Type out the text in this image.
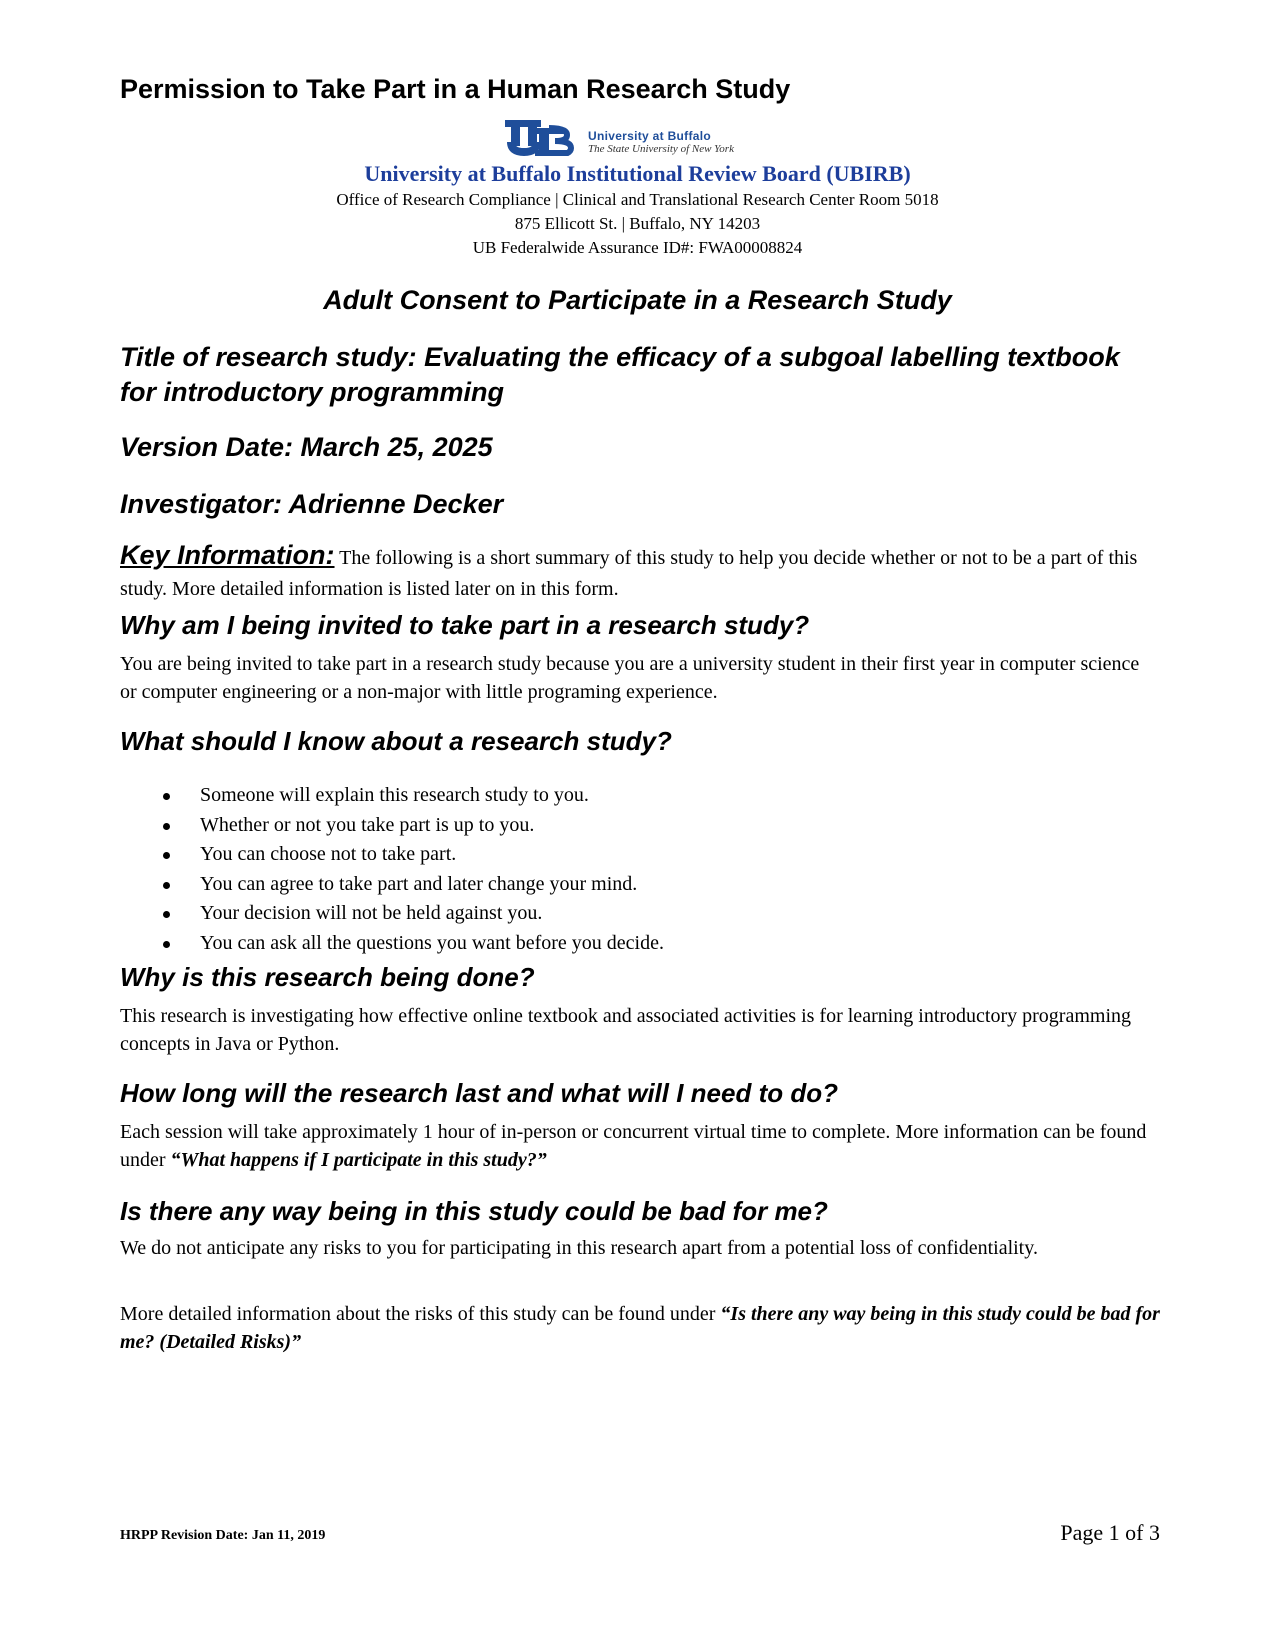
Permission to Take Part in a Human Research Study
University at Buffalo
The State University of New York

University at Buffalo Institutional Review Board (UBIRB)

Office of Research Compliance | Clinical and Translational Research Center Room 5018

875 Ellicott St. | Buffalo, NY 14203

UB Federalwide Assurance ID#: FWA00008824

Adult Consent to Participate in a Research Study
Title of research study: Evaluating the efficacy of a subgoal labelling textbook for introductory programming
Version Date: March 25, 2025
Investigator: Adrienne Decker

Key Information: The following is a short summary of this study to help you decide whether or not to be a part of this study. More detailed information is listed later on in this form.

Why am I being invited to take part in a research study?

You are being invited to take part in a research study because you are a university student in their first year in computer science or computer engineering or a non-major with little programing experience.

What should I know about a research study?
Someone will explain this research study to you.
Whether or not you take part is up to you.
You can choose not to take part.
You can agree to take part and later change your mind.
Your decision will not be held against you.
You can ask all the questions you want before you decide.
Why is this research being done?

This research is investigating how effective online textbook and associated activities is for learning introductory programming concepts in Java or Python.

How long will the research last and what will I need to do?

Each session will take approximately 1 hour of in-person or concurrent virtual time to complete. More information can be found under “What happens if I participate in this study?”

Is there any way being in this study could be bad for me?

We do not anticipate any risks to you for participating in this research apart from a potential loss of confidentiality.

More detailed information about the risks of this study can be found under “Is there any way being in this study could be bad for me? (Detailed Risks)”

HRPP Revision Date: Jan 11, 2019	Page 1 of 3
